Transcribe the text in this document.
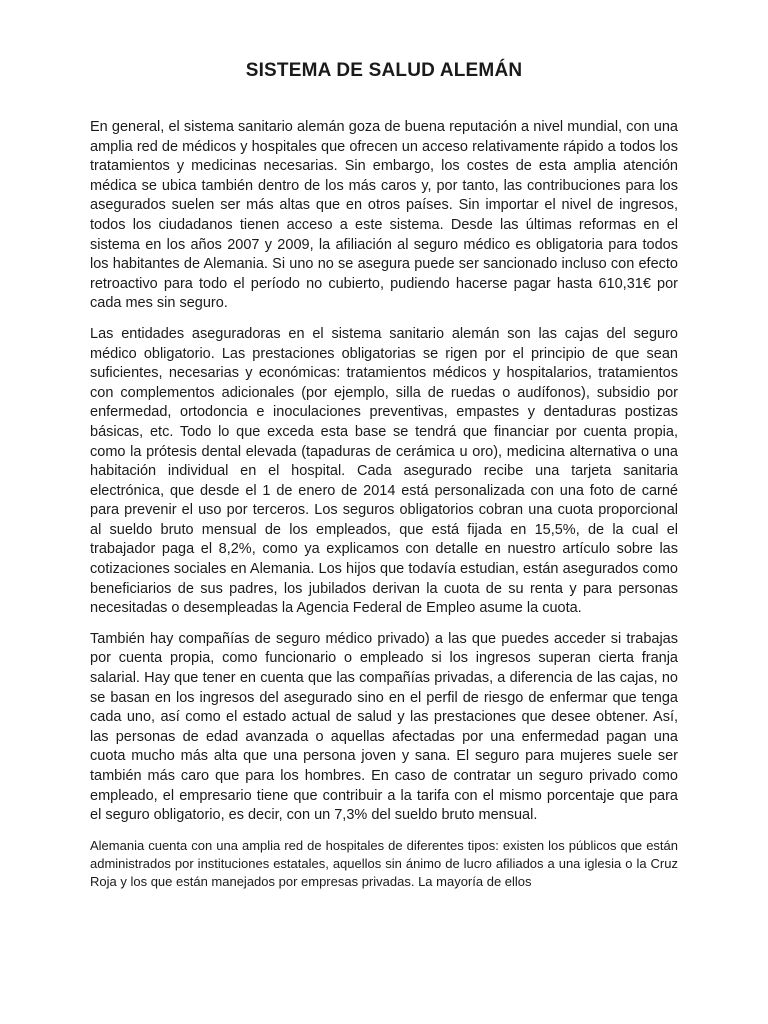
SISTEMA DE SALUD ALEMÁN

En general, el sistema sanitario alemán goza de buena reputación a nivel mundial, con una amplia red de médicos y hospitales que ofrecen un acceso relativamente rápido a todos los tratamientos y medicinas necesarias. Sin embargo, los costes de esta amplia atención médica se ubica también dentro de los más caros y, por tanto, las contribuciones para los asegurados suelen ser más altas que en otros países. Sin importar el nivel de ingresos, todos los ciudadanos tienen acceso a este sistema. Desde las últimas reformas en el sistema en los años 2007 y 2009, la afiliación al seguro médico es obligatoria para todos los habitantes de Alemania. Si uno no se asegura puede ser sancionado incluso con efecto retroactivo para todo el período no cubierto, pudiendo hacerse pagar hasta 610,31€ por cada mes sin seguro.

Las entidades aseguradoras en el sistema sanitario alemán son las cajas del seguro médico obligatorio. Las prestaciones obligatorias se rigen por el principio de que sean suficientes, necesarias y económicas: tratamientos médicos y hospitalarios, tratamientos con complementos adicionales (por ejemplo, silla de ruedas o audífonos), subsidio por enfermedad, ortodoncia e inoculaciones preventivas, empastes y dentaduras postizas básicas, etc. Todo lo que exceda esta base se tendrá que financiar por cuenta propia, como la prótesis dental elevada (tapaduras de cerámica u oro), medicina alternativa o una habitación individual en el hospital. Cada asegurado recibe una tarjeta sanitaria electrónica, que desde el 1 de enero de 2014 está personalizada con una foto de carné para prevenir el uso por terceros. Los seguros obligatorios cobran una cuota proporcional al sueldo bruto mensual de los empleados, que está fijada en 15,5%, de la cual el trabajador paga el 8,2%, como ya explicamos con detalle en nuestro artículo sobre las cotizaciones sociales en Alemania. Los hijos que todavía estudian, están asegurados como beneficiarios de sus padres, los jubilados derivan la cuota de su renta y para personas necesitadas o desempleadas la Agencia Federal de Empleo asume la cuota.

También hay compañías de seguro médico privado) a las que puedes acceder si trabajas por cuenta propia, como funcionario o empleado si los ingresos superan cierta franja salarial. Hay que tener en cuenta que las compañías privadas, a diferencia de las cajas, no se basan en los ingresos del asegurado sino en el perfil de riesgo de enfermar que tenga cada uno, así como el estado actual de salud y las prestaciones que desee obtener. Así, las personas de edad avanzada o aquellas afectadas por una enfermedad pagan una cuota mucho más alta que una persona joven y sana. El seguro para mujeres suele ser también más caro que para los hombres. En caso de contratar un seguro privado como empleado, el empresario tiene que contribuir a la tarifa con el mismo porcentaje que para el seguro obligatorio, es decir, con un 7,3% del sueldo bruto mensual.

Alemania cuenta con una amplia red de hospitales de diferentes tipos: existen los públicos que están administrados por instituciones estatales, aquellos sin ánimo de lucro afiliados a una iglesia o la Cruz Roja y los que están manejados por empresas privadas. La mayoría de ellos
